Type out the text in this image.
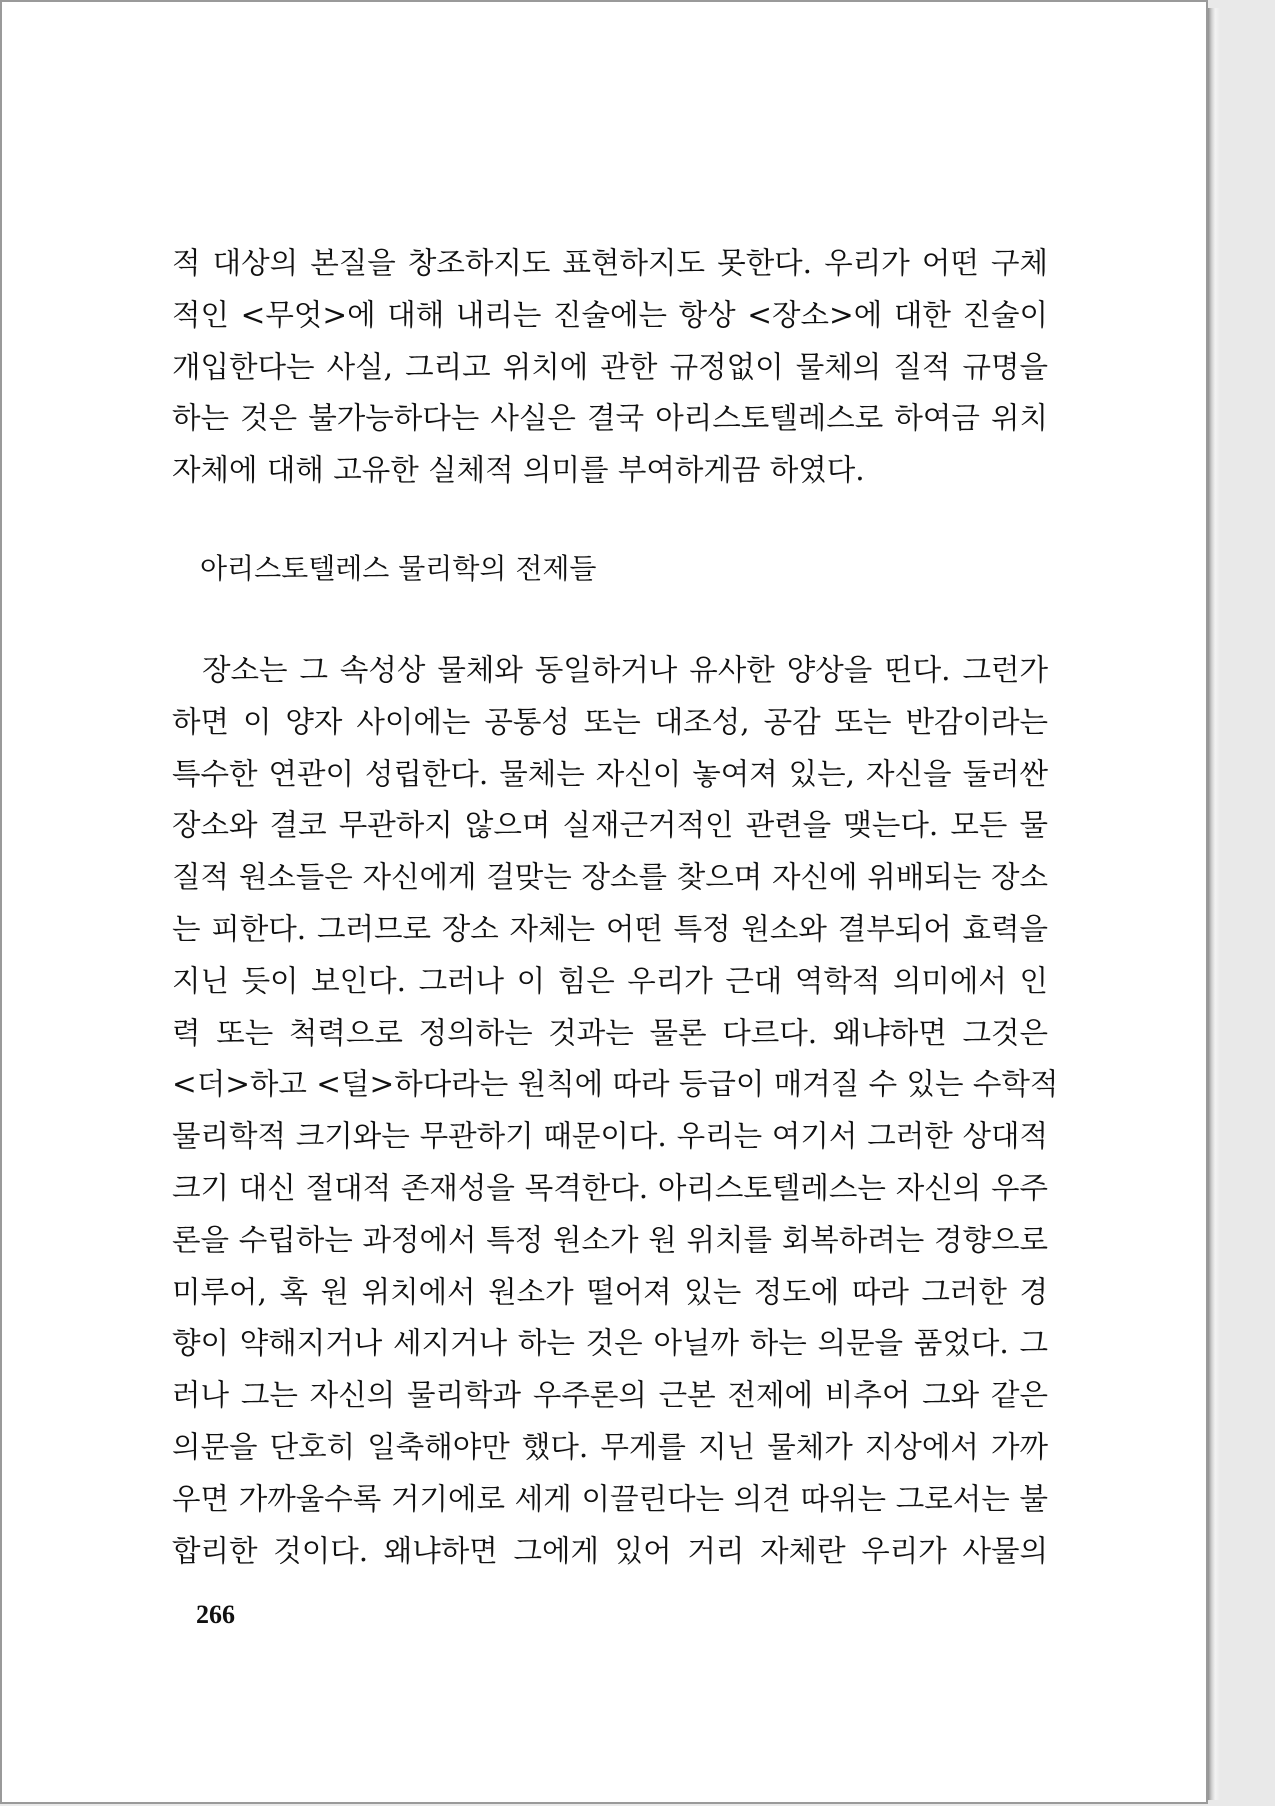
적 대상의 본질을 창조하지도 표현하지도 못한다. 우리가 어떤 구체
적인 <무엇>에 대해 내리는 진술에는 항상 <장소>에 대한 진술이
개입한다는 사실, 그리고 위치에 관한 규정없이 물체의 질적 규명을
하는 것은 불가능하다는 사실은 결국 아리스토텔레스로 하여금 위치
자체에 대해 고유한 실체적 의미를 부여하게끔 하였다.
아리스토텔레스 물리학의 전제들
장소는 그 속성상 물체와 동일하거나 유사한 양상을 띤다. 그런가
하면 이 양자 사이에는 공통성 또는 대조성, 공감 또는 반감이라는
특수한 연관이 성립한다. 물체는 자신이 놓여져 있는, 자신을 둘러싼
장소와 결코 무관하지 않으며 실재근거적인 관련을 맺는다. 모든 물
질적 원소들은 자신에게 걸맞는 장소를 찾으며 자신에 위배되는 장소
는 피한다. 그러므로 장소 자체는 어떤 특정 원소와 결부되어 효력을
지닌 듯이 보인다. 그러나 이 힘은 우리가 근대 역학적 의미에서 인
력 또는 척력으로 정의하는 것과는 물론 다르다. 왜냐하면 그것은
<더>하고 <덜>하다라는 원칙에 따라 등급이 매겨질 수 있는 수학적
물리학적 크기와는 무관하기 때문이다. 우리는 여기서 그러한 상대적
크기 대신 절대적 존재성을 목격한다. 아리스토텔레스는 자신의 우주
론을 수립하는 과정에서 특정 원소가 원 위치를 회복하려는 경향으로
미루어, 혹 원 위치에서 원소가 떨어져 있는 정도에 따라 그러한 경
향이 약해지거나 세지거나 하는 것은 아닐까 하는 의문을 품었다. 그
러나 그는 자신의 물리학과 우주론의 근본 전제에 비추어 그와 같은
의문을 단호히 일축해야만 했다. 무게를 지닌 물체가 지상에서 가까
우면 가까울수록 거기에로 세게 이끌린다는 의견 따위는 그로서는 불
합리한 것이다. 왜냐하면 그에게 있어 거리 자체란 우리가 사물의
266
